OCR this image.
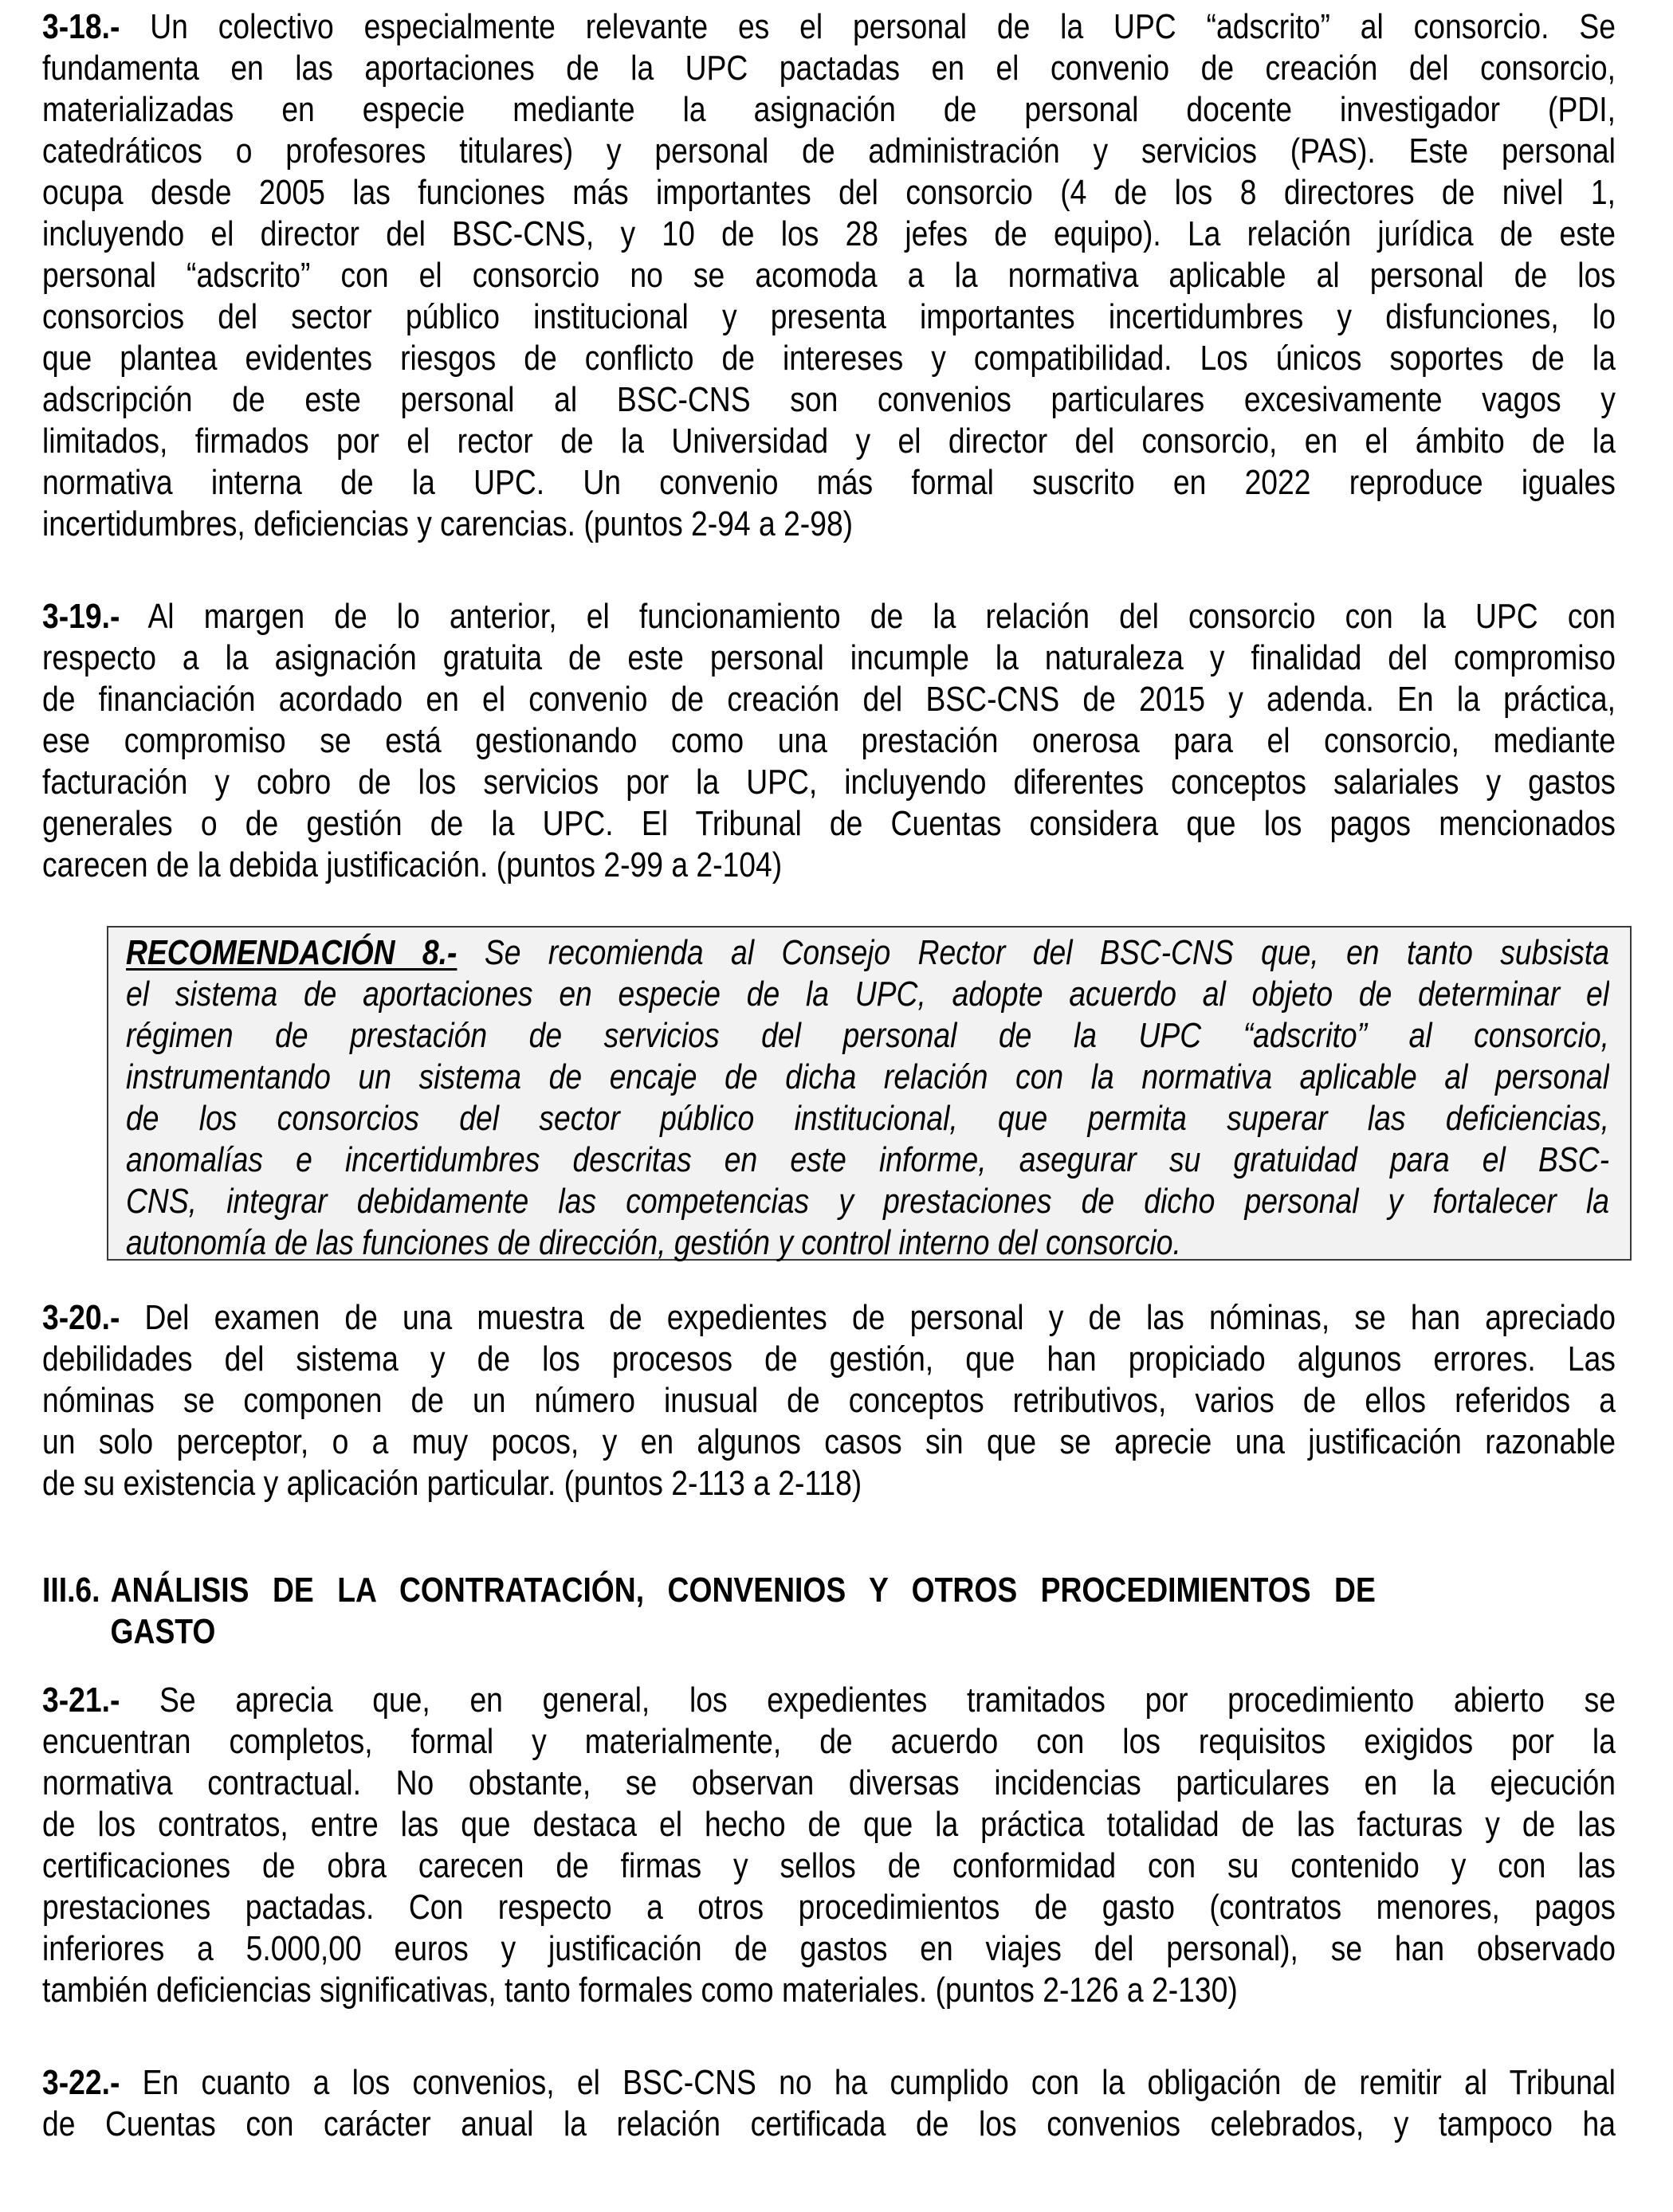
3-18.- Un colectivo especialmente relevante es el personal de la UPC “adscrito” al consorcio. Se
fundamenta en las aportaciones de la UPC pactadas en el convenio de creación del consorcio,
materializadas en especie mediante la asignación de personal docente investigador (PDI,
catedráticos o profesores titulares) y personal de administración y servicios (PAS). Este personal
ocupa desde 2005 las funciones más importantes del consorcio (4 de los 8 directores de nivel 1,
incluyendo el director del BSC-CNS, y 10 de los 28 jefes de equipo). La relación jurídica de este
personal “adscrito” con el consorcio no se acomoda a la normativa aplicable al personal de los
consorcios del sector público institucional y presenta importantes incertidumbres y disfunciones, lo
que plantea evidentes riesgos de conflicto de intereses y compatibilidad. Los únicos soportes de la
adscripción de este personal al BSC-CNS son convenios particulares excesivamente vagos y
limitados, firmados por el rector de la Universidad y el director del consorcio, en el ámbito de la
normativa interna de la UPC. Un convenio más formal suscrito en 2022 reproduce iguales
incertidumbres, deficiencias y carencias. (puntos 2-94 a 2-98)
3-19.- Al margen de lo anterior, el funcionamiento de la relación del consorcio con la UPC con
respecto a la asignación gratuita de este personal incumple la naturaleza y finalidad del compromiso
de financiación acordado en el convenio de creación del BSC-CNS de 2015 y adenda. En la práctica,
ese compromiso se está gestionando como una prestación onerosa para el consorcio, mediante
facturación y cobro de los servicios por la UPC, incluyendo diferentes conceptos salariales y gastos
generales o de gestión de la UPC. El Tribunal de Cuentas considera que los pagos mencionados
carecen de la debida justificación. (puntos 2-99 a 2-104)
RECOMENDACIÓN 8.- Se recomienda al Consejo Rector del BSC-CNS que, en tanto subsista
el sistema de aportaciones en especie de la UPC, adopte acuerdo al objeto de determinar el
régimen de prestación de servicios del personal de la UPC “adscrito” al consorcio,
instrumentando un sistema de encaje de dicha relación con la normativa aplicable al personal
de los consorcios del sector público institucional, que permita superar las deficiencias,
anomalías e incertidumbres descritas en este informe, asegurar su gratuidad para el BSC-
CNS, integrar debidamente las competencias y prestaciones de dicho personal y fortalecer la
autonomía de las funciones de dirección, gestión y control interno del consorcio.
3-20.- Del examen de una muestra de expedientes de personal y de las nóminas, se han apreciado
debilidades del sistema y de los procesos de gestión, que han propiciado algunos errores. Las
nóminas se componen de un número inusual de conceptos retributivos, varios de ellos referidos a
un solo perceptor, o a muy pocos, y en algunos casos sin que se aprecie una justificación razonable
de su existencia y aplicación particular. (puntos 2-113 a 2-118)
III.6. ANÁLISIS DE LA CONTRATACIÓN, CONVENIOS Y OTROS PROCEDIMIENTOS DE
GASTO
3-21.- Se aprecia que, en general, los expedientes tramitados por procedimiento abierto se
encuentran completos, formal y materialmente, de acuerdo con los requisitos exigidos por la
normativa contractual. No obstante, se observan diversas incidencias particulares en la ejecución
de los contratos, entre las que destaca el hecho de que la práctica totalidad de las facturas y de las
certificaciones de obra carecen de firmas y sellos de conformidad con su contenido y con las
prestaciones pactadas. Con respecto a otros procedimientos de gasto (contratos menores, pagos
inferiores a 5.000,00 euros y justificación de gastos en viajes del personal), se han observado
también deficiencias significativas, tanto formales como materiales. (puntos 2-126 a 2-130)
3-22.- En cuanto a los convenios, el BSC-CNS no ha cumplido con la obligación de remitir al Tribunal
de Cuentas con carácter anual la relación certificada de los convenios celebrados, y tampoco ha
